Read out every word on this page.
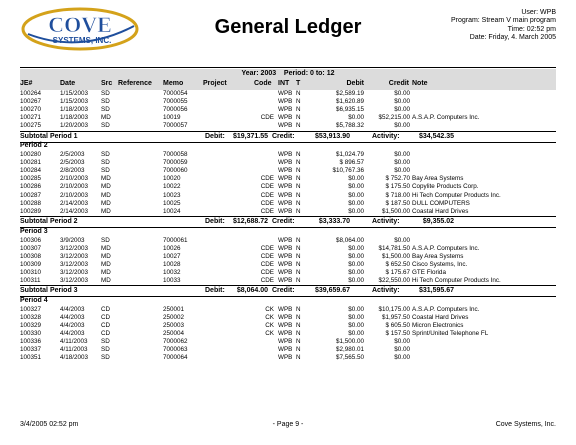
COVE
SYSTEMS, INC.
General Ledger
User: WPB
Program: Stream V main program
Time: 02:52 pm
Date: Friday, 4. March 2005
Year: 2003 Period: 0 to: 12
JE#	Date	Src Reference Memo	Project	Code INT T	Debit	Credit Note
100264	1/15/2003	SD	7000054	WPB N	$2,589.19	$0.00
100267	1/15/2003	SD	7000055	WPB N	$1,620.89	$0.00
100270	1/18/2003	SD	7000056	WPB N	$6,935.15	$0.00
100271	1/18/2003	MD	10019	CDE WPB N	$0.00	$52,215.00 A.S.A.P. Computers Inc.
100275	1/20/2003	SD	7000057	WPB N	$5,788.32	$0.00
Subtotal Period 1	Debit:	$19,371.55 Credit:	$53,913.90	Activity:	$34,542.35
Period 2
100280	2/5/2003	SD	7000058	WPB N	$1,024.79	$0.00
100281	2/5/2003	SD	7000059	WPB N	$ 896.57	$0.00
100284	2/8/2003	SD	7000060	WPB N	$10,767.36	$0.00
100285	2/10/2003	MD	10020	CDE WPB N	$0.00	$ 752.70 Bay Area Systems
100286	2/10/2003	MD	10022	CDE WPB N	$0.00	$ 175.50 Copylite Products Corp.
100287	2/10/2003	MD	10023	CDE WPB N	$0.00	$ 718.00 Hi Tech Computer Products Inc.
100288	2/14/2003	MD	10025	CDE WPB N	$0.00	$ 187.50 DULL COMPUTERS
100289	2/14/2003	MD	10024	CDE WPB N	$0.00	$1,500.00 Coastal Hard Drives
Subtotal Period 2	Debit:	$12,688.72 Credit:	$3,333.70	Activity:	$9,355.02
Period 3
100306	3/9/2003	SD	7000061	WPB N	$8,064.00	$0.00
100307	3/12/2003	MD	10026	CDE WPB N	$0.00	$14,781.50 A.S.A.P. Computers Inc.
100308	3/12/2003	MD	10027	CDE WPB N	$0.00	$1,500.00 Bay Area Systems
100309	3/12/2003	MD	10028	CDE WPB N	$0.00	$ 652.50 Cisco Systems, Inc.
100310	3/12/2003	MD	10032	CDE WPB N	$0.00	$ 175.67 GTE Florida
100311	3/12/2003	MD	10033	CDE WPB N	$0.00	$22,550.00 Hi Tech Computer Products Inc.
Subtotal Period 3	Debit:	$8,064.00 Credit:	$39,659.67	Activity:	$31,595.67
Period 4
100327	4/4/2003	CD	250001	CK WPB N	$0.00	$10,175.00 A.S.A.P. Computers Inc.
100328	4/4/2003	CD	250002	CK WPB N	$0.00	$1,957.50 Coastal Hard Drives
100329	4/4/2003	CD	250003	CK WPB N	$0.00	$ 605.50 Micron Electronics
100330	4/4/2003	CD	250004	CK WPB N	$0.00	$ 157.50 Sprint/United Telephone FL
100336	4/11/2003	SD	7000062	WPB N	$1,500.00	$0.00
100337	4/11/2003	SD	7000063	WPB N	$2,980.01	$0.00
100351	4/18/2003	SD	7000064	WPB N	$7,565.50	$0.00
3/4/2005 02:52 pm	- Page 9 -	Cove Systems, Inc.
